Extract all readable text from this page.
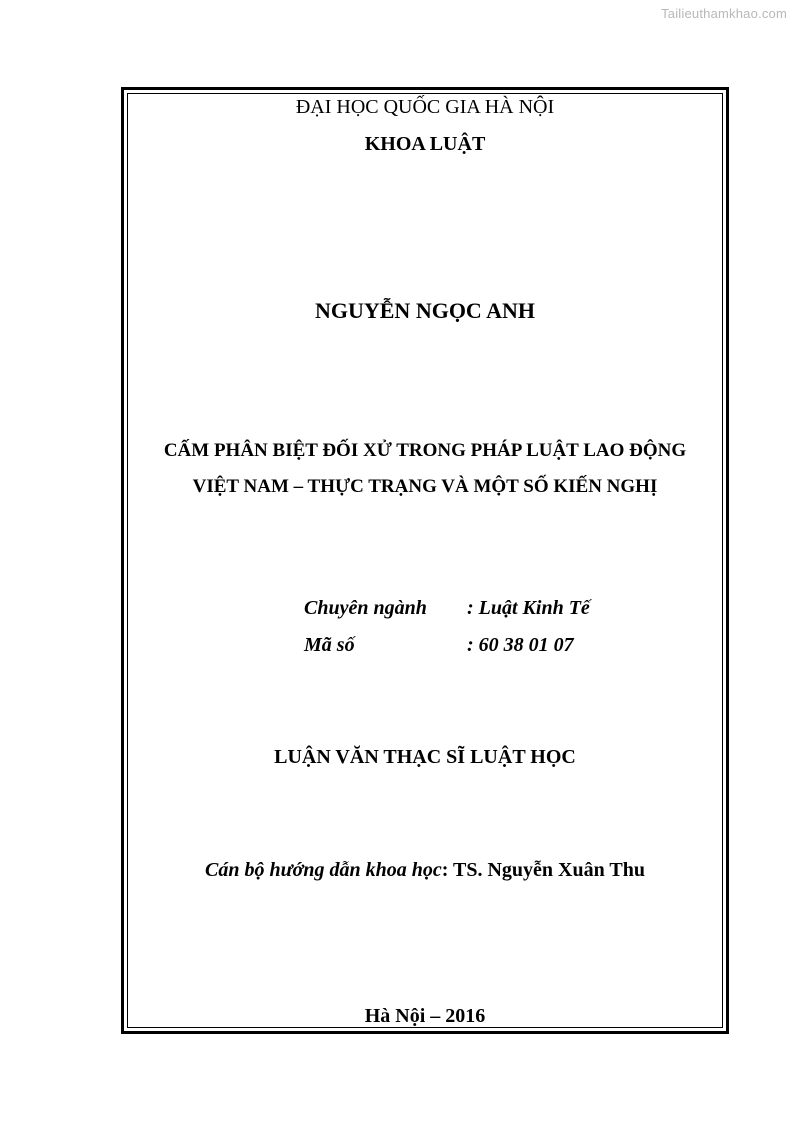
Tailieuthamkhao.com
ĐẠI HỌC QUỐC GIA HÀ NỘI
KHOA LUẬT
NGUYỄN NGỌC ANH
CẤM PHÂN BIỆT ĐỐI XỬ TRONG PHÁP LUẬT LAO ĐỘNG
VIỆT NAM – THỰC TRẠNG VÀ MỘT SỐ KIẾN NGHỊ
Chuyên ngành : Luật Kinh Tế
Mã số	: 60 38 01 07
LUẬN VĂN THẠC SĨ LUẬT HỌC
Cán bộ hướng dẫn khoa học: TS. Nguyễn Xuân Thu
Hà Nội – 2016
